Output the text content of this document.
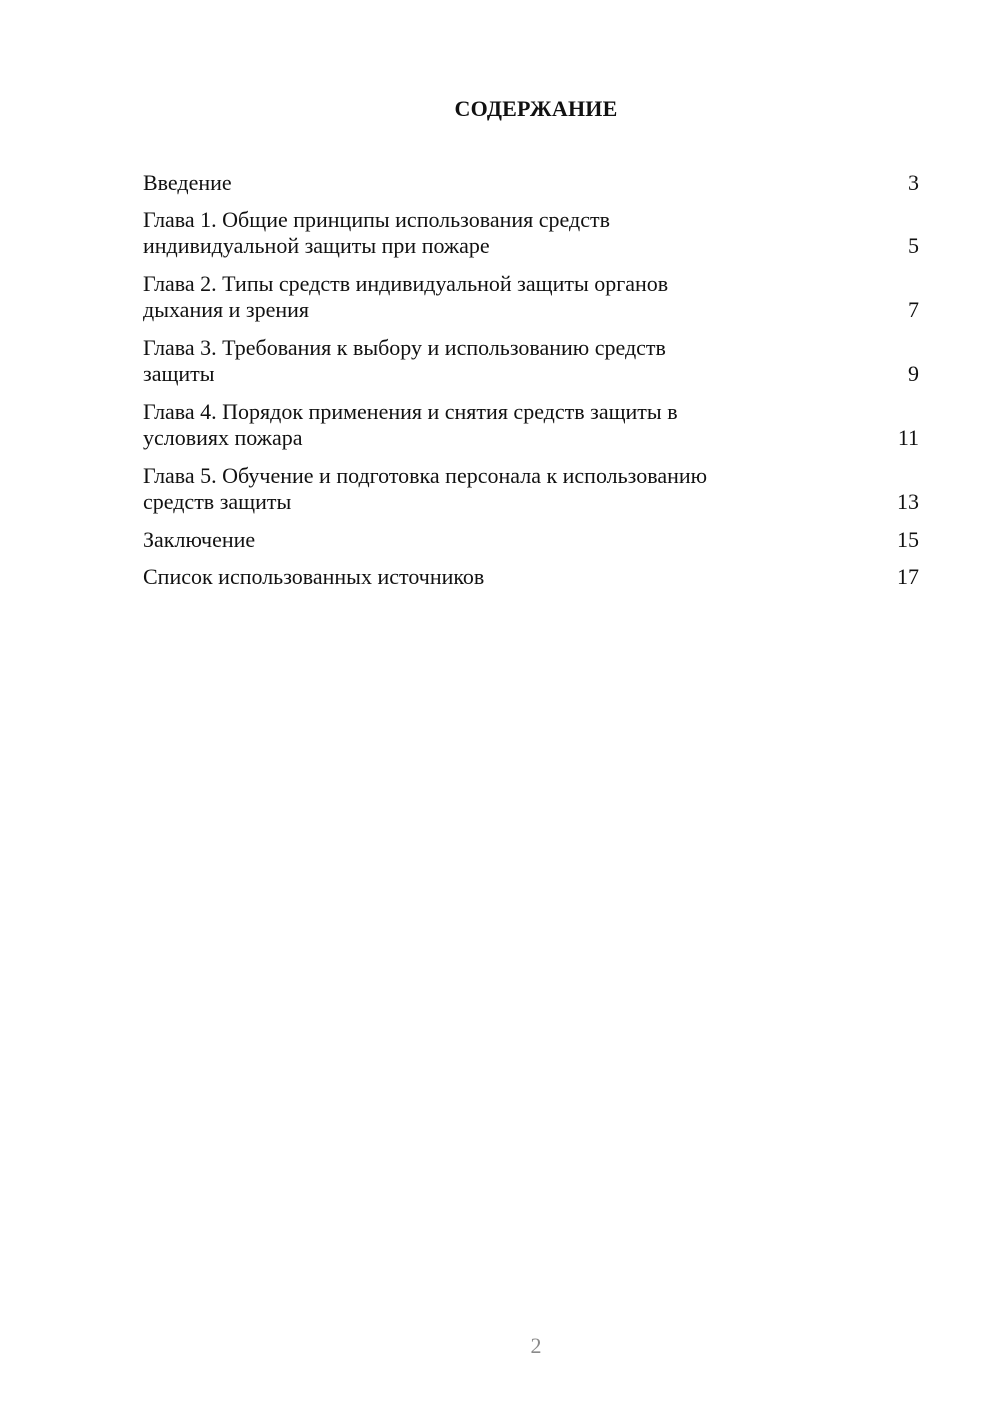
СОДЕРЖАНИЕ
Введение	3
Глава 1. Общие принципы использования средств
индивидуальной защиты при пожаре	5
Глава 2. Типы средств индивидуальной защиты органов
дыхания и зрения	7
Глава 3. Требования к выбору и использованию средств
защиты	9
Глава 4. Порядок применения и снятия средств защиты в
условиях пожара	11
Глава 5. Обучение и подготовка персонала к использованию
средств защиты	13
Заключение	15
Список использованных источников	17
2
